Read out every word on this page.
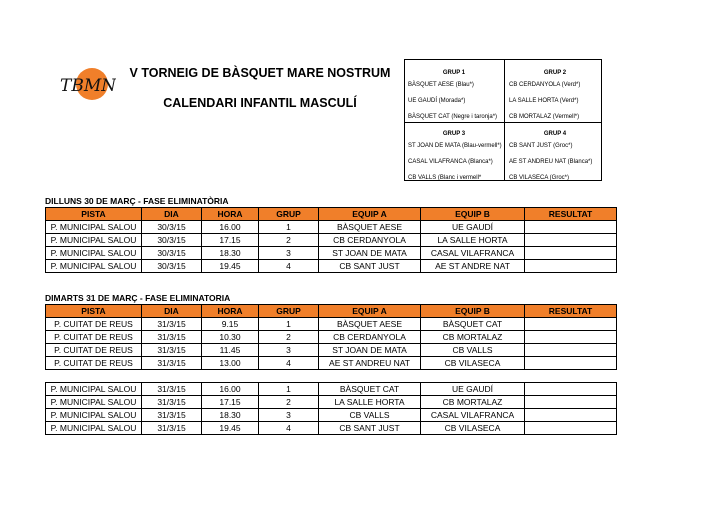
TBMN
V TORNEIG DE BÀSQUET MARE NOSTRUM
CALENDARI INFANTIL MASCULÍ
GRUP 1
BÀSQUET AESE (Blau*)
UE GAUDÍ (Morada*)
BÀSQUET CAT (Negre i taronja*)
GRUP 2
CB CERDANYOLA (Verd*)
LA SALLE HORTA (Verd*)
CB MORTALAZ (Vermell*)
GRUP 3
ST JOAN DE MATA (Blau-vermell*)
CASAL VILAFRANCA (Blanca*)
CB VALLS (Blanc i vermell*
GRUP 4
CB SANT JUST (Groc*)
AE ST ANDREU NAT (Blanca*)
CB VILASECA (Groc*)
DILLUNS 30 DE MARÇ - FASE ELIMINATÒRIA
PISTA	DIA	HORA	GRUP	EQUIP A	EQUIP B	RESULTAT
P. MUNICIPAL SALOU	30/3/15	16.00	1	BÀSQUET AESE	UE GAUDÍ	
P. MUNICIPAL SALOU	30/3/15	17.15	2	CB CERDANYOLA	LA SALLE HORTA	
P. MUNICIPAL SALOU	30/3/15	18.30	3	ST JOAN DE MATA	CASAL VILAFRANCA	
P. MUNICIPAL SALOU	30/3/15	19.45	4	CB SANT JUST	AE ST ANDRE NAT	
DIMARTS 31 DE MARÇ - FASE ELIMINATORIA
PISTA	DIA	HORA	GRUP	EQUIP A	EQUIP B	RESULTAT
P. CUITAT DE REUS	31/3/15	9.15	1	BÀSQUET AESE	BÀSQUET CAT	
P. CUITAT DE REUS	31/3/15	10.30	2	CB CERDANYOLA	CB MORTALAZ	
P. CUITAT DE REUS	31/3/15	11.45	3	ST JOAN DE MATA	CB VALLS	
P. CUITAT DE REUS	31/3/15	13.00	4	AE ST ANDREU NAT	CB VILASECA	

P. MUNICIPAL SALOU	31/3/15	16.00	1	BÀSQUET CAT	UE GAUDÍ	
P. MUNICIPAL SALOU	31/3/15	17.15	2	LA SALLE HORTA	CB MORTALAZ	
P. MUNICIPAL SALOU	31/3/15	18.30	3	CB VALLS	CASAL VILAFRANCA	
P. MUNICIPAL SALOU	31/3/15	19.45	4	CB SANT JUST	CB VILASECA	
